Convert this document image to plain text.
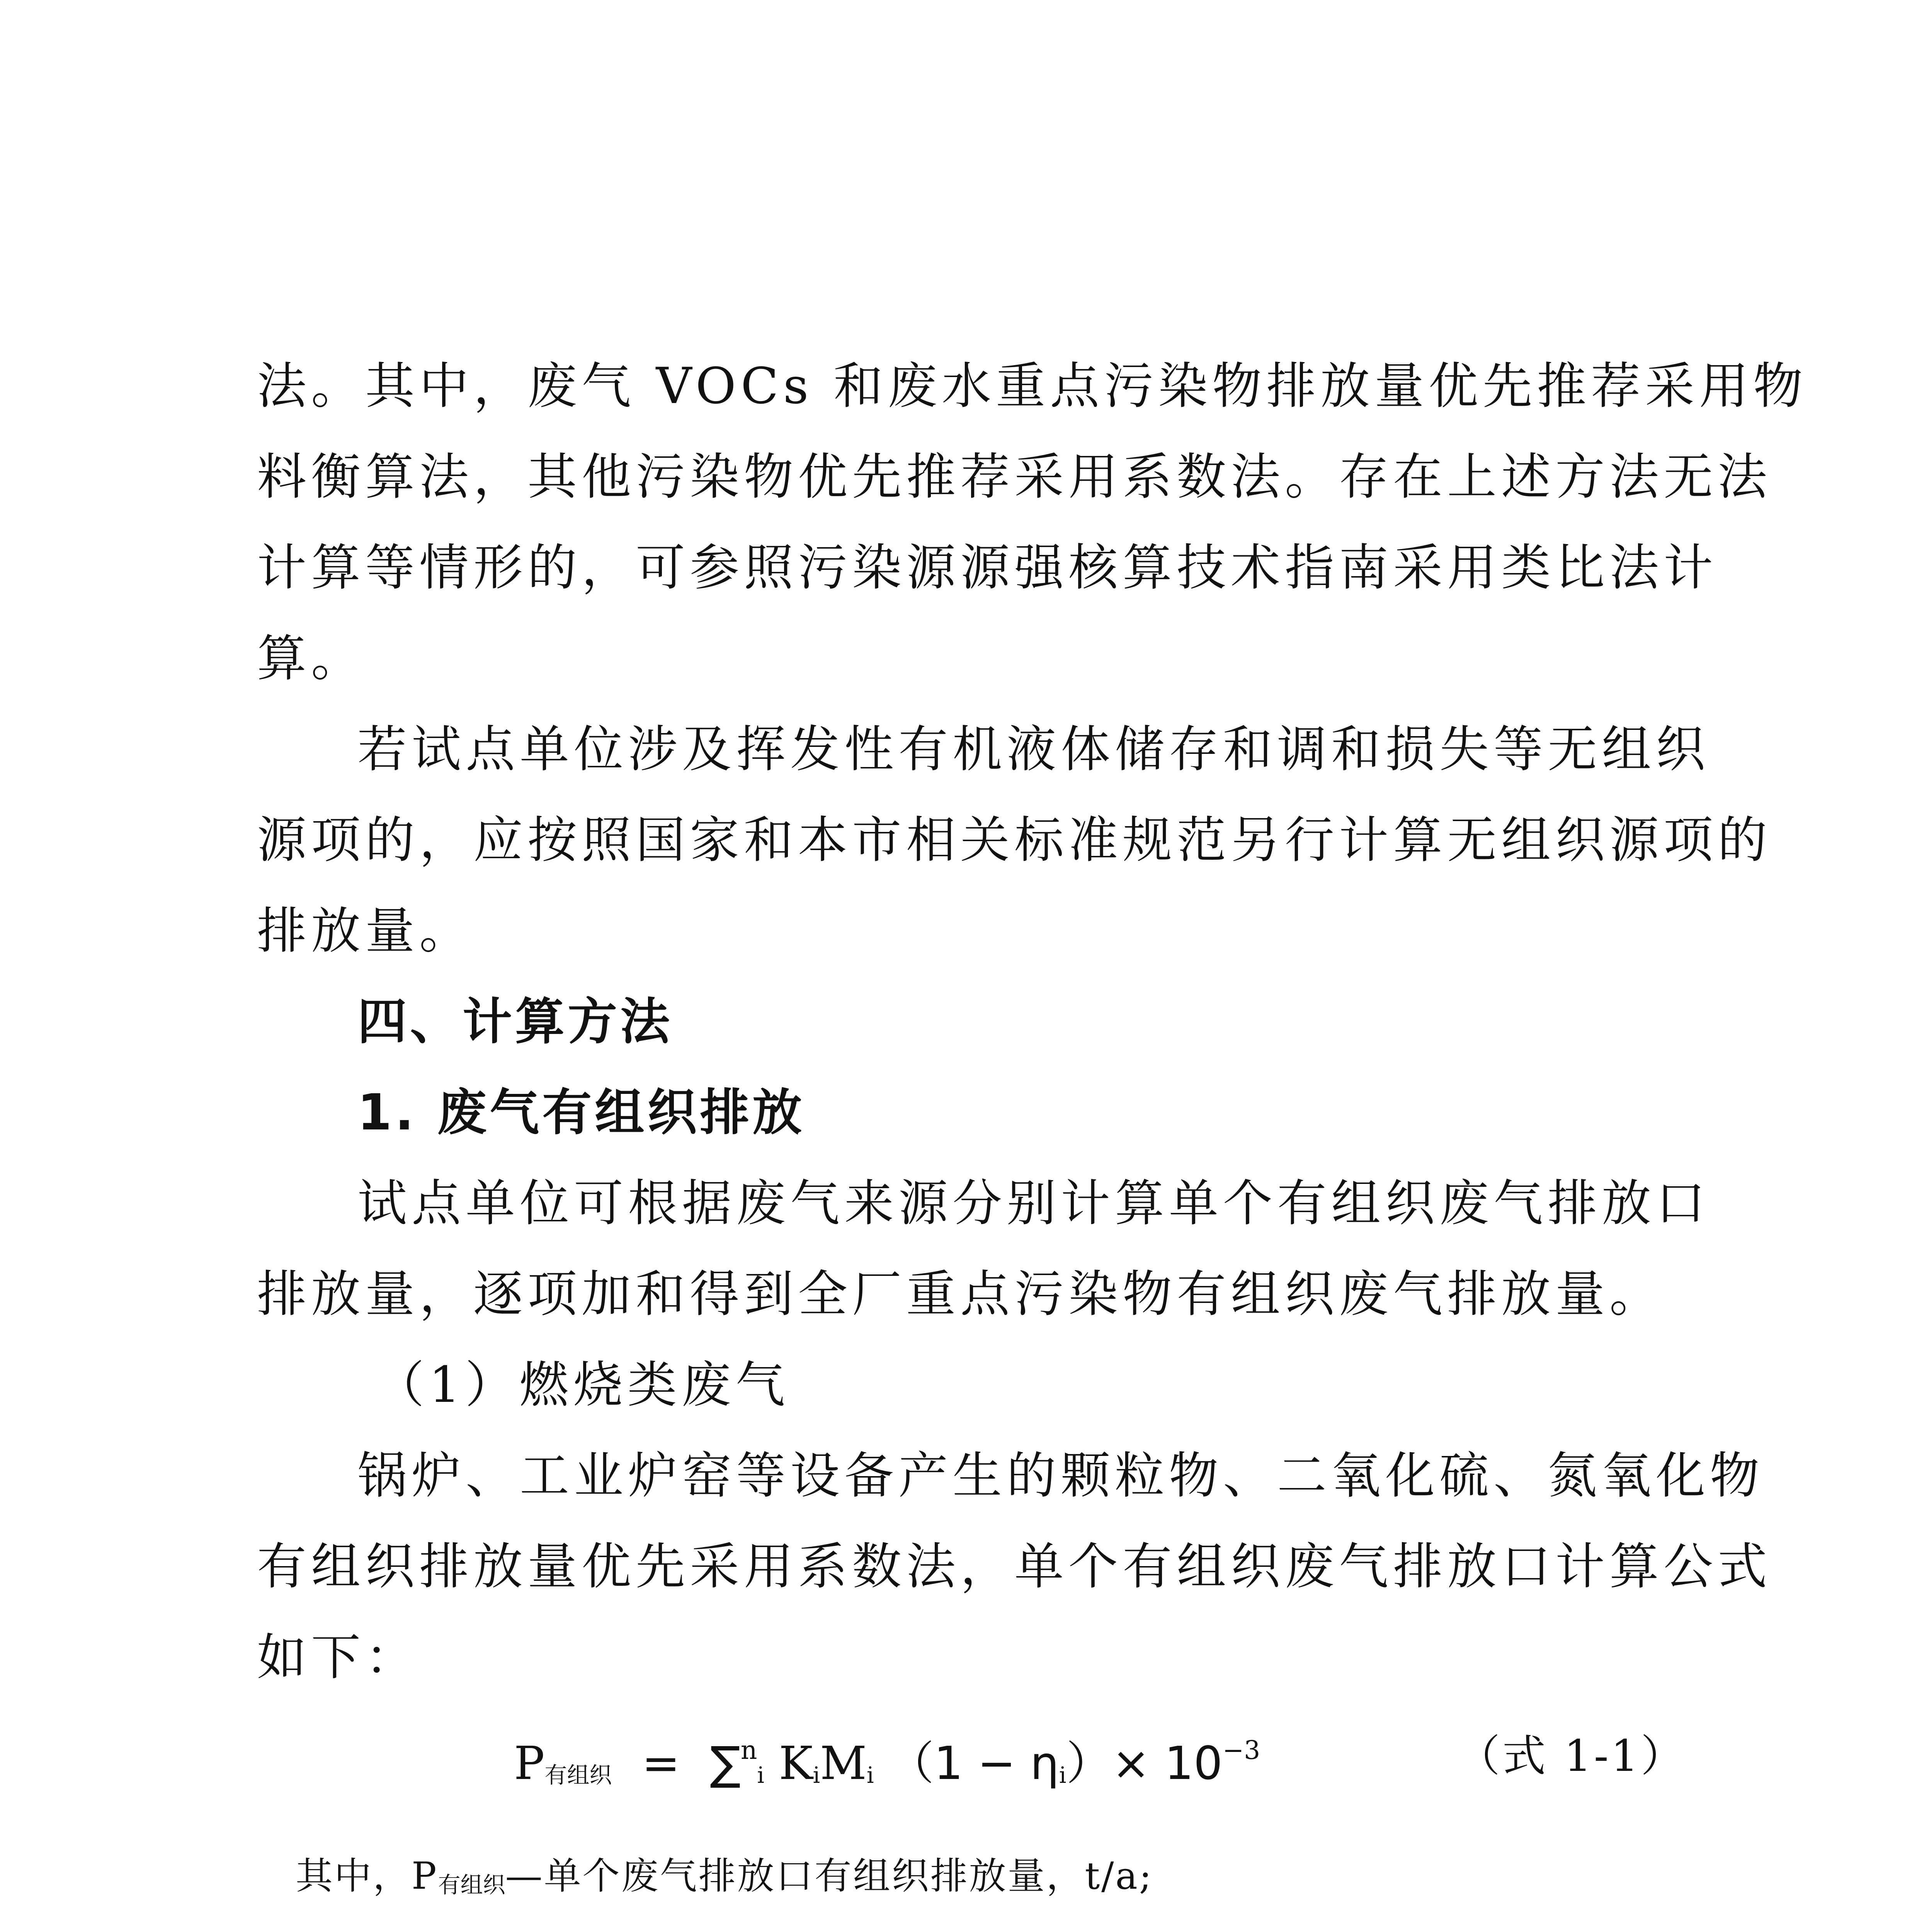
法。其中，废气 VOCs 和废水重点污染物排放量优先推荐采用物
料衡算法，其他污染物优先推荐采用系数法。存在上述方法无法
计算等情形的，可参照污染源源强核算技术指南采用类比法计
算。
若试点单位涉及挥发性有机液体储存和调和损失等无组织
源项的，应按照国家和本市相关标准规范另行计算无组织源项的
排放量。
四、计算方法
1. 废气有组织排放
试点单位可根据废气来源分别计算单个有组织废气排放口
排放量，逐项加和得到全厂重点污染物有组织废气排放量。
（1）燃烧类废气
锅炉、工业炉窑等设备产生的颗粒物、二氧化硫、氮氧化物
有组织排放量优先采用系数法，单个有组织废气排放口计算公式
如下：
P有组织 = ∑$^n$i KiMi $(1 - \eta i)\times 10^{-3}$	（式 1-1）
其中，P有组织—单个废气排放口有组织排放量，t/a;
